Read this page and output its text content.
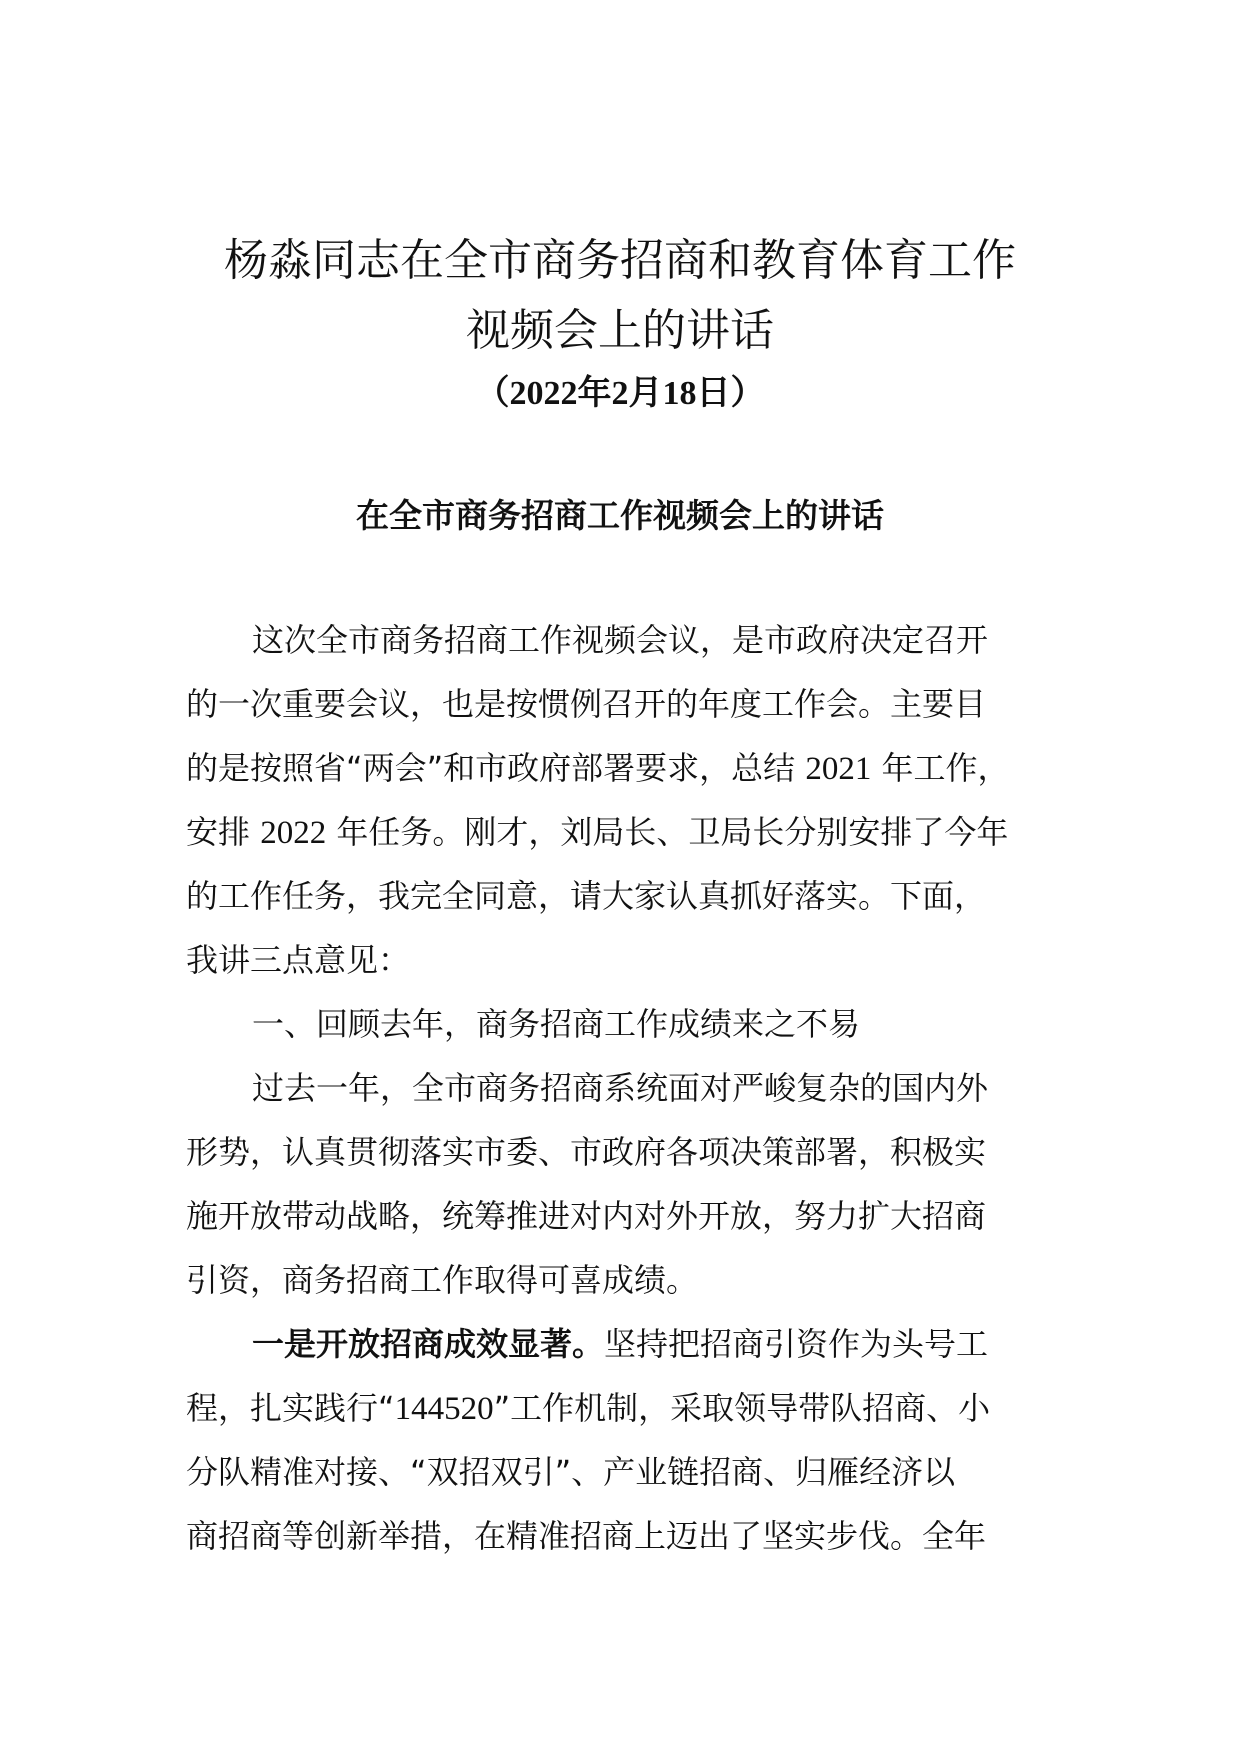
杨淼同志在全市商务招商和教育体育工作
视频会上的讲话
（2022年2月18日）
在全市商务招商工作视频会上的讲话
这次全市商务招商工作视频会议，是市政府决定召开
的一次重要会议，也是按惯例召开的年度工作会。主要目
的是按照省“两会”和市政府部署要求，总结 2021 年工作，
安排 2022 年任务。刚才，刘局长、卫局长分别安排了今年
的工作任务，我完全同意，请大家认真抓好落实。下面，
我讲三点意见：
一、回顾去年，商务招商工作成绩来之不易
过去一年，全市商务招商系统面对严峻复杂的国内外
形势，认真贯彻落实市委、市政府各项决策部署，积极实
施开放带动战略，统筹推进对内对外开放，努力扩大招商
引资，商务招商工作取得可喜成绩。
一是开放招商成效显著。坚持把招商引资作为头号工
程，扎实践行“144520”工作机制，采取领导带队招商、小
分队精准对接、“双招双引”、产业链招商、归雁经济以
商招商等创新举措，在精准招商上迈出了坚实步伐。全年
